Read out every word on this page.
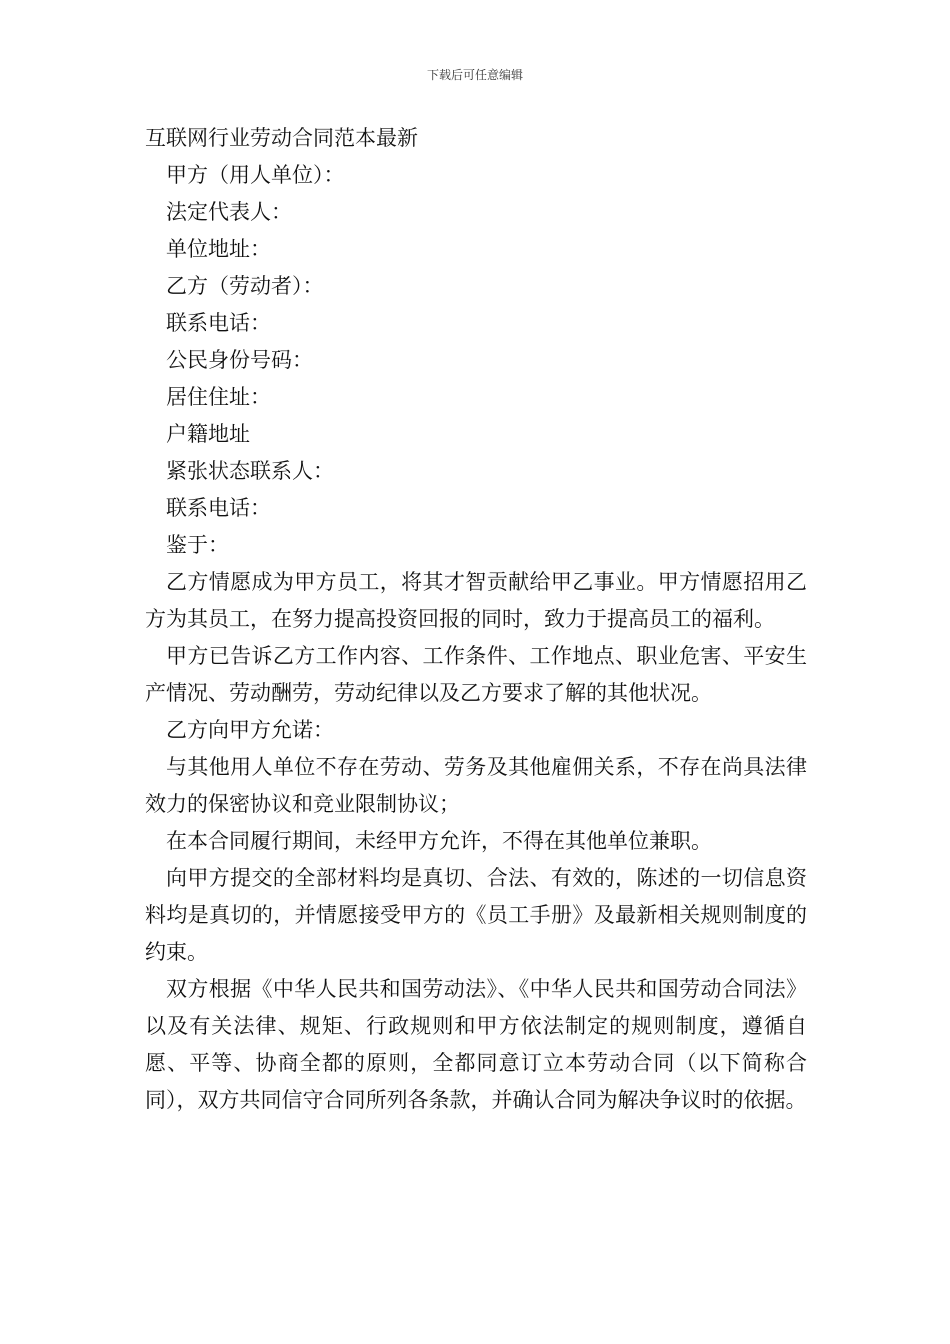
下载后可任意编辑
互联网行业劳动合同范本最新

甲方（用人单位）：

法定代表人：

单位地址：

乙方（劳动者）：

联系电话：

公民身份号码：

居住住址：

户籍地址

紧张状态联系人：

联系电话：

鉴于：

乙方情愿成为甲方员工，将其才智贡献给甲乙事业。甲方情愿招用乙方为其员工，在努力提高投资回报的同时，致力于提高员工的福利。

甲方已告诉乙方工作内容、工作条件、工作地点、职业危害、平安生产情况、劳动酬劳，劳动纪律以及乙方要求了解的其他状况。

乙方向甲方允诺：

与其他用人单位不存在劳动、劳务及其他雇佣关系，不存在尚具法律效力的保密协议和竞业限制协议；

在本合同履行期间，未经甲方允许，不得在其他单位兼职。

向甲方提交的全部材料均是真切、合法、有效的，陈述的一切信息资料均是真切的，并情愿接受甲方的《员工手册》及最新相关规则制度的约束。

双方根据《中华人民共和国劳动法》、《中华人民共和国劳动合同法》以及有关法律、规矩、行政规则和甲方依法制定的规则制度，遵循自愿、平等、协商全都的原则，全都同意订立本劳动合同（以下简称合同），双方共同信守合同所列各条款，并确认合同为解决争议时的依据。
